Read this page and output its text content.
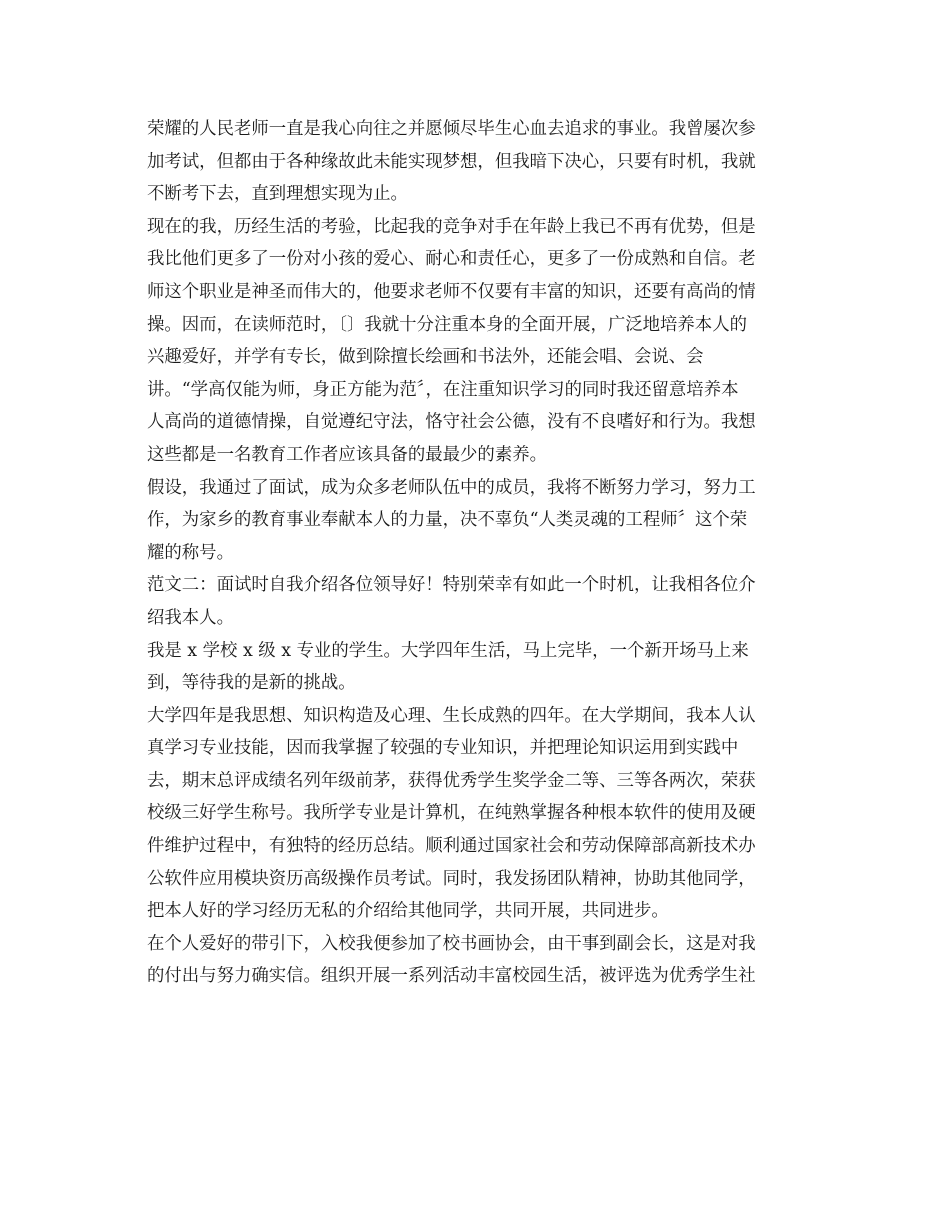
荣耀的人民老师一直是我心向往之并愿倾尽毕生心血去追求的事业。我曾屡次参

加考试，但都由于各种缘故此未能实现梦想，但我暗下决心，只要有时机，我就

不断考下去，直到理想实现为止。

现在的我，历经生活的考验，比起我的竞争对手在年龄上我已不再有优势，但是

我比他们更多了一份对小孩的爱心、耐心和责任心，更多了一份成熟和自信。老

师这个职业是神圣而伟大的，他要求老师不仅要有丰富的知识，还要有高尚的情

操。因而，在读师范时，〔〕我就十分注重本身的全面开展，广泛地培养本人的

兴趣爱好，并学有专长，做到除擅长绘画和书法外，还能会唱、会说、会

讲。“学高仅能为师，身正方能为范〞，在注重知识学习的同时我还留意培养本

人高尚的道德情操，自觉遵纪守法，恪守社会公德，没有不良嗜好和行为。我想

这些都是一名教育工作者应该具备的最最少的素养。

假设，我通过了面试，成为众多老师队伍中的成员，我将不断努力学习，努力工

作，为家乡的教育事业奉献本人的力量，决不辜负“人类灵魂的工程师〞这个荣

耀的称号。

范文二：面试时自我介绍各位领导好！特别荣幸有如此一个时机，让我相各位介

绍我本人。

我是 x 学校 x 级 x 专业的学生。大学四年生活，马上完毕，一个新开场马上来

到，等待我的是新的挑战。

大学四年是我思想、知识构造及心理、生长成熟的四年。在大学期间，我本人认

真学习专业技能，因而我掌握了较强的专业知识，并把理论知识运用到实践中

去，期末总评成绩名列年级前茅，获得优秀学生奖学金二等、三等各两次，荣获

校级三好学生称号。我所学专业是计算机，在纯熟掌握各种根本软件的使用及硬

件维护过程中，有独特的经历总结。顺利通过国家社会和劳动保障部高新技术办

公软件应用模块资历高级操作员考试。同时，我发扬团队精神，协助其他同学，

把本人好的学习经历无私的介绍给其他同学，共同开展，共同进步。

在个人爱好的带引下，入校我便参加了校书画协会，由干事到副会长，这是对我

的付出与努力确实信。组织开展一系列活动丰富校园生活，被评选为优秀学生社
